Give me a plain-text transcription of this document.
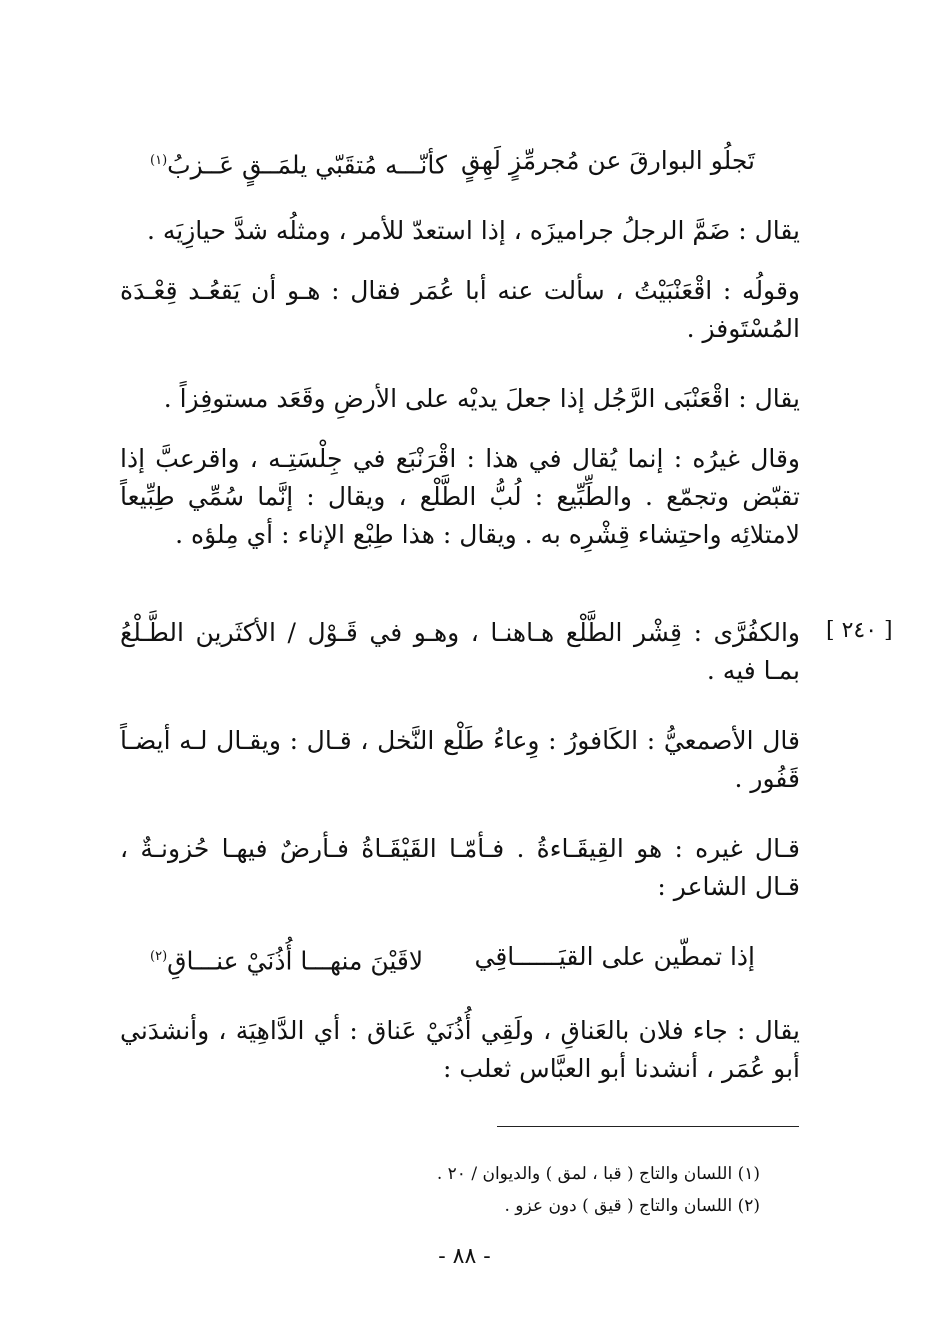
تَجلُو البوارقَ عن مُجرمِّزٍ لَهِقٍ
كأنّـــه مُتقَبّي يلمَــقٍ عَــزبُ$^{(١)}$
يقال : ضَمَّ الرجلُ جراميزَه ، إذا استعدّ للأمر ، ومثلُه شدَّ حيازِيَه .
وقولُه : اقْعَنْبَيْتُ ، سألت عنه أبا عُمَر فقال : هـو أن يَقعُـد قِعْـدَة المُسْتَوفز .
يقال : اقْعَنْبَى الرَّجُل إذا جعلَ يديْه على الأرضِ وقَعَد مستوفِزاً .
وقال غيرُه : إنما يُقال في هذا : اقْرَنْبَع في جِلْسَتِـه ، واقرعبَّ إذا تقبّض وتجمّع . والطِّبِّيع : لُبُّ الطَّلْع ، ويقال : إنَّما سُمِّي طِبِّيعاً لامتلائِه واحتِشاء قِشْرِه به . ويقال : هذا طِبْع الإناء : أي مِلؤه .
[ ٢٤٠ ]
والكفُرَّى : قِشْر الطَّلْع هـاهنـا ، وهـو في قَـوْل / الأكثَرين الطَّـلْعُ بمـا فيه .
قال الأصمعيُّ : الكَافورُ : وِعاءُ طَلْع النَّخل ، قـال : ويقـال لـه أيضـاً قَفُور .
قـال غيره : هو القِيقَـاءةُ . فـأمّـا القَيْقَـاةُ فـأرضٌ فيهـا حُزونـةٌ ، قـال الشاعر :
إذا تمطّين على القيَــــــاقِي
لاقَيْنَ منهـــا أُذُنَيْ عنـــاقِ$^{(٢)}$
يقال : جاء فلان بالعَناقِ ، ولَقِي أُذُنَيْ عَناق : أي الدَّاهِيَة ، وأنشدَني أبو عُمَر ، أنشدنا أبو العبَّاس ثعلب :
(١) اللسان والتاج ( قبا ، لمق ) والديوان / ٢٠ .
(٢) اللسان والتاج ( قيق ) دون عزو .
- ٨٨ -
